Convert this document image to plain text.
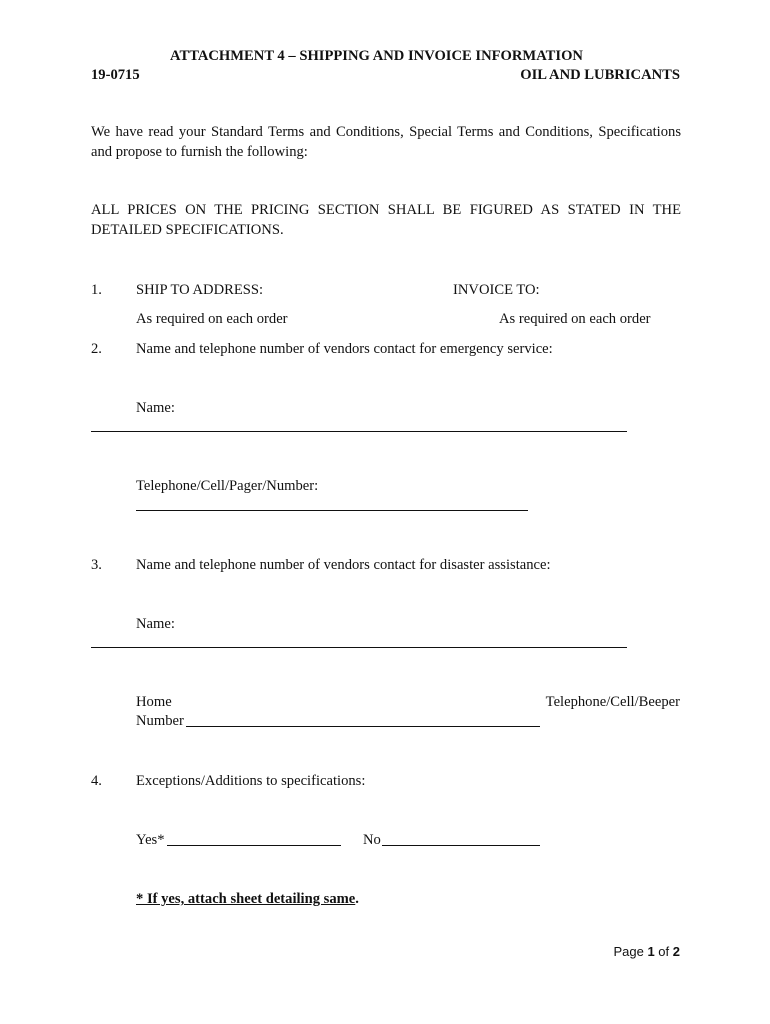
ATTACHMENT 4 – SHIPPING AND INVOICE INFORMATION
19-0715	OIL AND LUBRICANTS
We have read your Standard Terms and Conditions, Special Terms and Conditions, Specifications and propose to furnish the following:
ALL PRICES ON THE PRICING SECTION SHALL BE FIGURED AS STATED IN THE DETAILED SPECIFICATIONS.
1. SHIP TO ADDRESS:	INVOICE TO:
As required on each order	As required on each order
2. Name and telephone number of vendors contact for emergency service:
Name:
Telephone/Cell/Pager/Number:
3. Name and telephone number of vendors contact for disaster assistance:
Name:
Home	Telephone/Cell/Beeper
Number
4. Exceptions/Additions to specifications:
Yes*	No
* If yes, attach sheet detailing same.
Page 1 of 2
